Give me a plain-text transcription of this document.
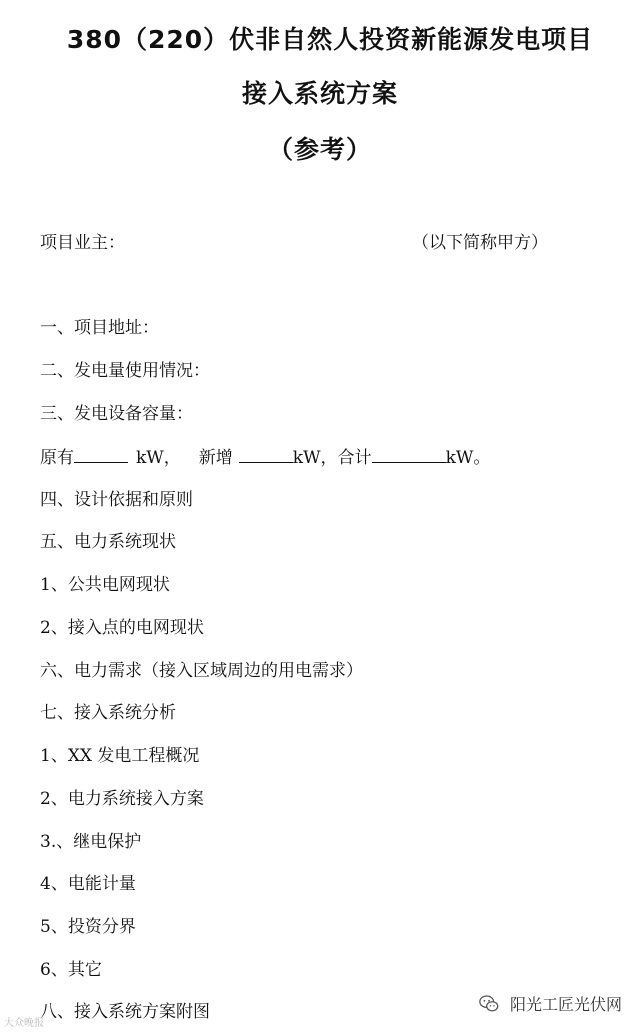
380（220）伏非自然人投资新能源发电项目

接入系统方案

（参考）

项目业主：	（以下简称甲方）

一、项目地址：

二、发电量使用情况：

三、发电设备容量：

原有	kW， 新增	kW，合计	kW。

四、设计依据和原则

五、电力系统现状

1、公共电网现状

2、接入点的电网现状

六、电力需求（接入区域周边的用电需求）

七、接入系统分析

1、XX 发电工程概况

2、电力系统接入方案

3.、继电保护

4、电能计量

5、投资分界

6、其它

八、接入系统方案附图	阳光工匠光伏网
大众晚报
